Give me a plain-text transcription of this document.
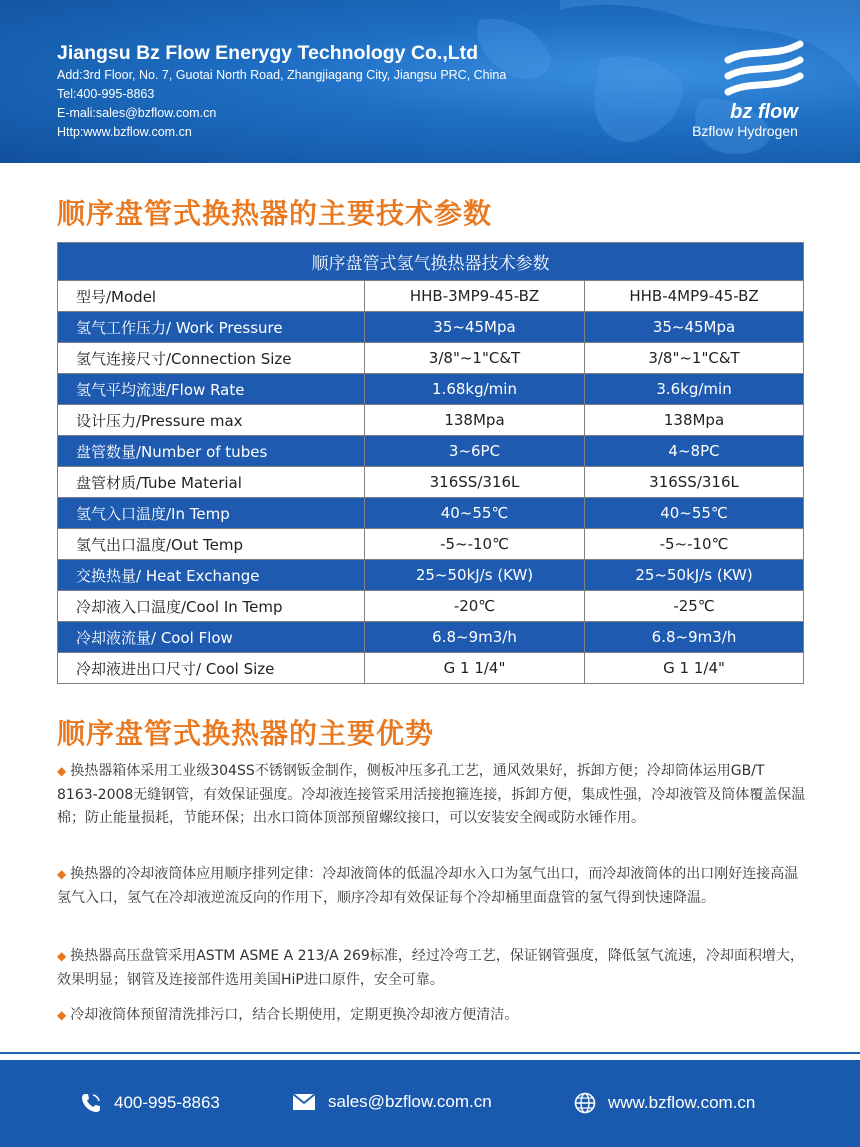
Jiangsu Bz Flow Enerygy Technology Co.,Ltd
Add:3rd Floor, No. 7, Guotai North Road, Zhangjiagang City, Jiangsu PRC, China
Tel:400-995-8863
E-mali:sales@bzflow.com.cn
Http:www.bzflow.com.cn
bz flow
Bzflow Hydrogen
顺序盘管式换热器的主要技术参数
顺序盘管式氢气换热器技术参数		
型号/Model	HHB-3MP9-45-BZ	HHB-4MP9-45-BZ
氢气工作压力/ Work Pressure	35~45Mpa	35~45Mpa
氢气连接尺寸/Connection Size	3/8"~1"C&T	3/8"~1"C&T
氢气平均流速/Flow Rate	1.68kg/min	3.6kg/min
设计压力/Pressure max	138Mpa	138Mpa
盘管数量/Number of tubes	3~6PC	4~8PC
盘管材质/Tube Material	316SS/316L	316SS/316L
氢气入口温度/In Temp	40~55℃	40~55℃
氢气出口温度/Out Temp	-5~-10℃	-5~-10℃
交换热量/ Heat Exchange	25~50kJ/s (KW)	25~50kJ/s (KW)
冷却液入口温度/Cool In Temp	-20℃	-25℃
冷却液流量/ Cool Flow	6.8~9m3/h	6.8~9m3/h
冷却液进出口尺寸/ Cool Size	G 1 1/4"	G 1 1/4"
顺序盘管式换热器的主要优势
◆ 换热器箱体采用工业级304SS不锈钢钣金制作，侧板冲压多孔工艺，通风效果好，拆卸方便；冷却筒体运用GB/T 8163-2008无缝钢管，有效保证强度。冷却液连接管采用活接抱箍连接，拆卸方便，集成性强，冷却液管及筒体覆盖保温棉；防止能量损耗，节能环保；出水口筒体顶部预留螺纹接口，可以安装安全阀或防水锤作用。
◆ 换热器的冷却液筒体应用顺序排列定律：冷却液筒体的低温冷却水入口为氢气出口，而冷却液筒体的出口刚好连接高温氢气入口，氢气在冷却液逆流反向的作用下，顺序冷却有效保证每个冷却桶里面盘管的氢气得到快速降温。
◆ 换热器高压盘管采用ASTM ASME A 213/A 269标准，经过冷弯工艺，保证钢管强度，降低氢气流速，冷却面积增大，效果明显；钢管及连接部件选用美国HiP进口原件，安全可靠。
◆ 冷却液筒体预留清洗排污口，结合长期使用，定期更换冷却液方便清洁。
400-995-8863	sales@bzflow.com.cn	www.bzflow.com.cn
